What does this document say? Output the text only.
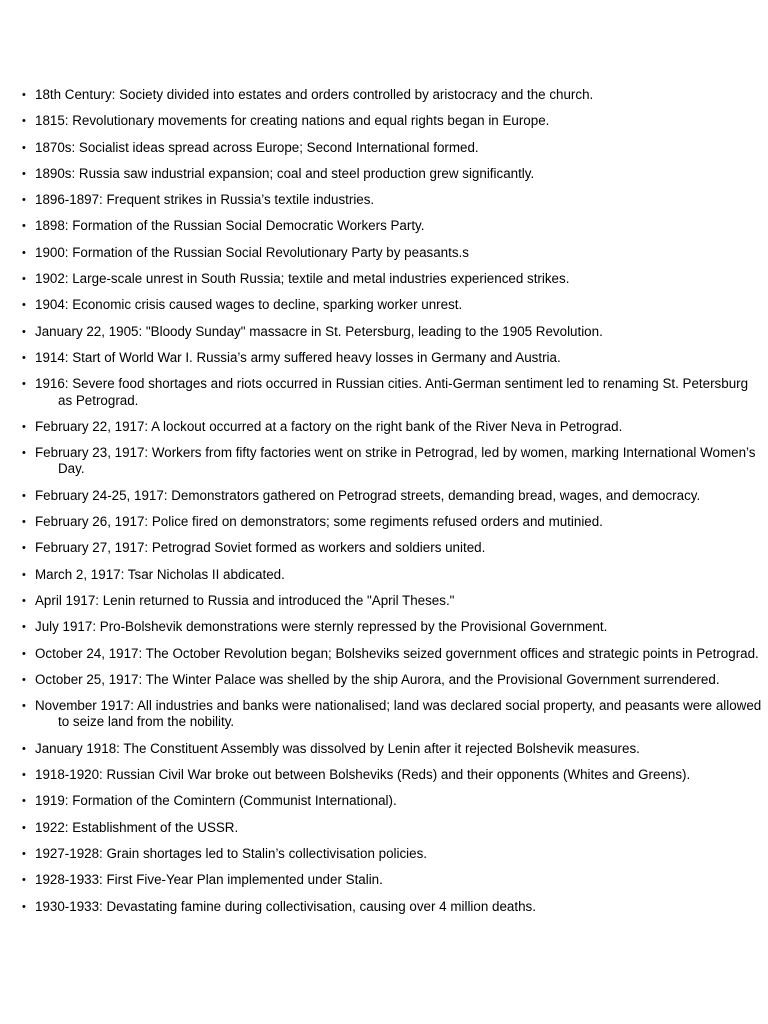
• 18th Century: Society divided into estates and orders controlled by aristocracy and the church.
• 1815: Revolutionary movements for creating nations and equal rights began in Europe.
• 1870s: Socialist ideas spread across Europe; Second International formed.
• 1890s: Russia saw industrial expansion; coal and steel production grew significantly.
• 1896-1897: Frequent strikes in Russia’s textile industries.
• 1898: Formation of the Russian Social Democratic Workers Party.
• 1900: Formation of the Russian Social Revolutionary Party by peasants.s
• 1902: Large-scale unrest in South Russia; textile and metal industries experienced strikes.
• 1904: Economic crisis caused wages to decline, sparking worker unrest.
• January 22, 1905: "Bloody Sunday" massacre in St. Petersburg, leading to the 1905 Revolution.
• 1914: Start of World War I. Russia’s army suffered heavy losses in Germany and Austria.
• 1916: Severe food shortages and riots occurred in Russian cities. Anti-German sentiment led to renaming St. Petersburg as Petrograd.
• February 22, 1917: A lockout occurred at a factory on the right bank of the River Neva in Petrograd.
• February 23, 1917: Workers from fifty factories went on strike in Petrograd, led by women, marking International Women’s Day.
• February 24-25, 1917: Demonstrators gathered on Petrograd streets, demanding bread, wages, and democracy.
• February 26, 1917: Police fired on demonstrators; some regiments refused orders and mutinied.
• February 27, 1917: Petrograd Soviet formed as workers and soldiers united.
• March 2, 1917: Tsar Nicholas II abdicated.
• April 1917: Lenin returned to Russia and introduced the "April Theses."
• July 1917: Pro-Bolshevik demonstrations were sternly repressed by the Provisional Government.
• October 24, 1917: The October Revolution began; Bolsheviks seized government offices and strategic points in Petrograd.
• October 25, 1917: The Winter Palace was shelled by the ship Aurora, and the Provisional Government surrendered.
• November 1917: All industries and banks were nationalised; land was declared social property, and peasants were allowed to seize land from the nobility.
• January 1918: The Constituent Assembly was dissolved by Lenin after it rejected Bolshevik measures.
• 1918-1920: Russian Civil War broke out between Bolsheviks (Reds) and their opponents (Whites and Greens).
• 1919: Formation of the Comintern (Communist International).
• 1922: Establishment of the USSR.
• 1927-1928: Grain shortages led to Stalin’s collectivisation policies.
• 1928-1933: First Five-Year Plan implemented under Stalin.
• 1930-1933: Devastating famine during collectivisation, causing over 4 million deaths.
